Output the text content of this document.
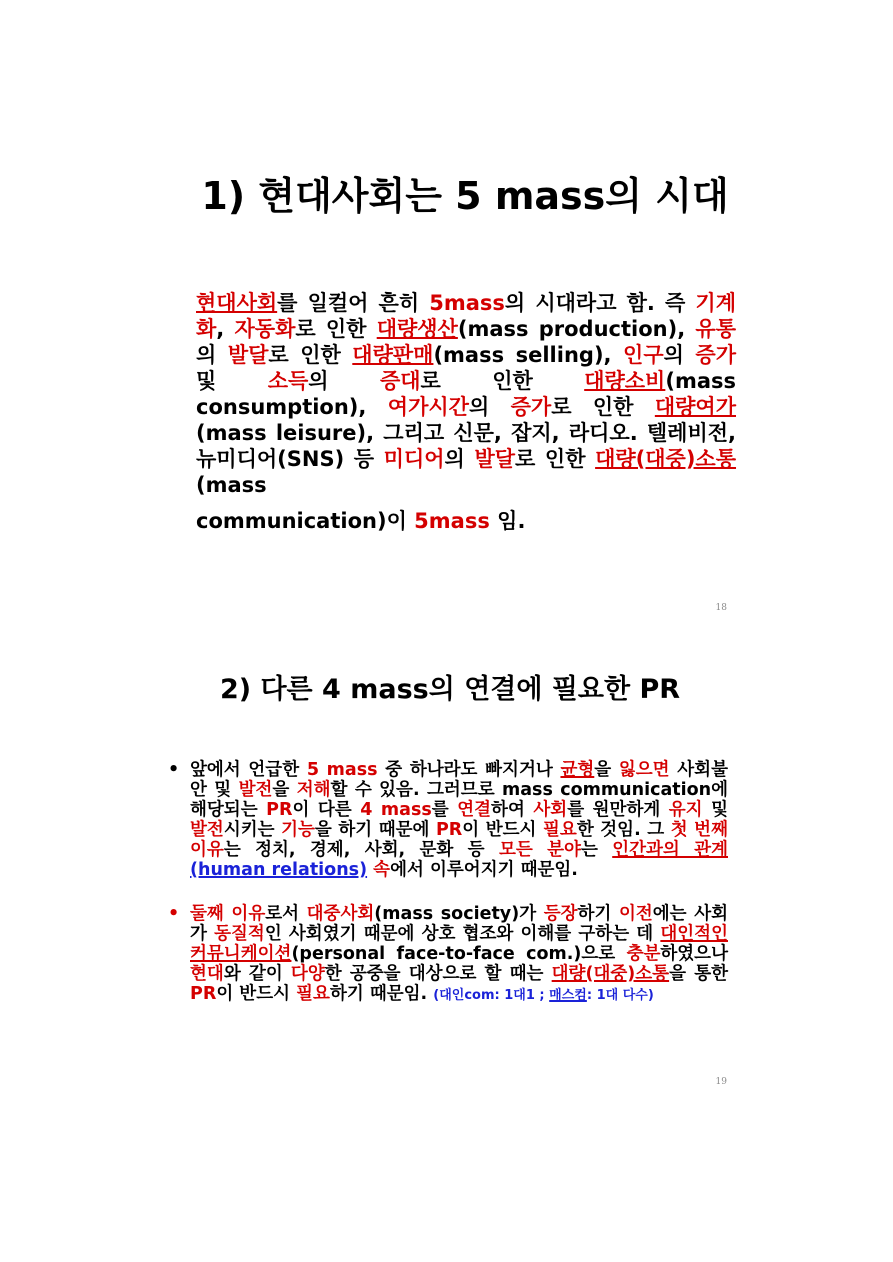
1) 현대사회는 5 mass의 시대
현대사회를 일컬어 흔히 5mass의 시대라고 함. 즉 기계화, 자동화로 인한 대량생산(mass production), 유통의 발달로 인한 대량판매(mass selling), 인구의 증가 및 소득의 증대로 인한 대량소비(mass consumption), 여가시간의 증가로 인한 대량여가(mass leisure), 그리고 신문, 잡지, 라디오. 텔레비전, 뉴미디어(SNS) 등 미디어의 발달로 인한 대량(대중)소통 (mass
communication)이 5mass 임.
18
2) 다른 4 mass의 연결에 필요한 PR
• 앞에서 언급한 5 mass 중 하나라도 빠지거나 균형을 잃으면 사회불안 및 발전을 저해할 수 있음. 그러므로 mass communication에 해당되는 PR이 다른 4 mass를 연결하여 사회를 원만하게 유지 및 발전시키는 기능을 하기 때문에 PR이 반드시 필요한 것임. 그 첫 번째 이유는 정치, 경제, 사회, 문화 등 모든 분야는 인간과의 관계 (human relations) 속에서 이루어지기 때문임.
• 둘째 이유로서 대중사회(mass society)가 등장하기 이전에는 사회가 동질적인 사회였기 때문에 상호 협조와 이해를 구하는 데 대인적인 커뮤니케이션(personal face-to-face com.)으로 충분하였으나 현대와 같이 다양한 공중을 대상으로 할 때는 대량(대중)소통을 통한 PR이 반드시 필요하기 때문임. (대인com: 1대1 ; 매스컴: 1대 다수)
19
